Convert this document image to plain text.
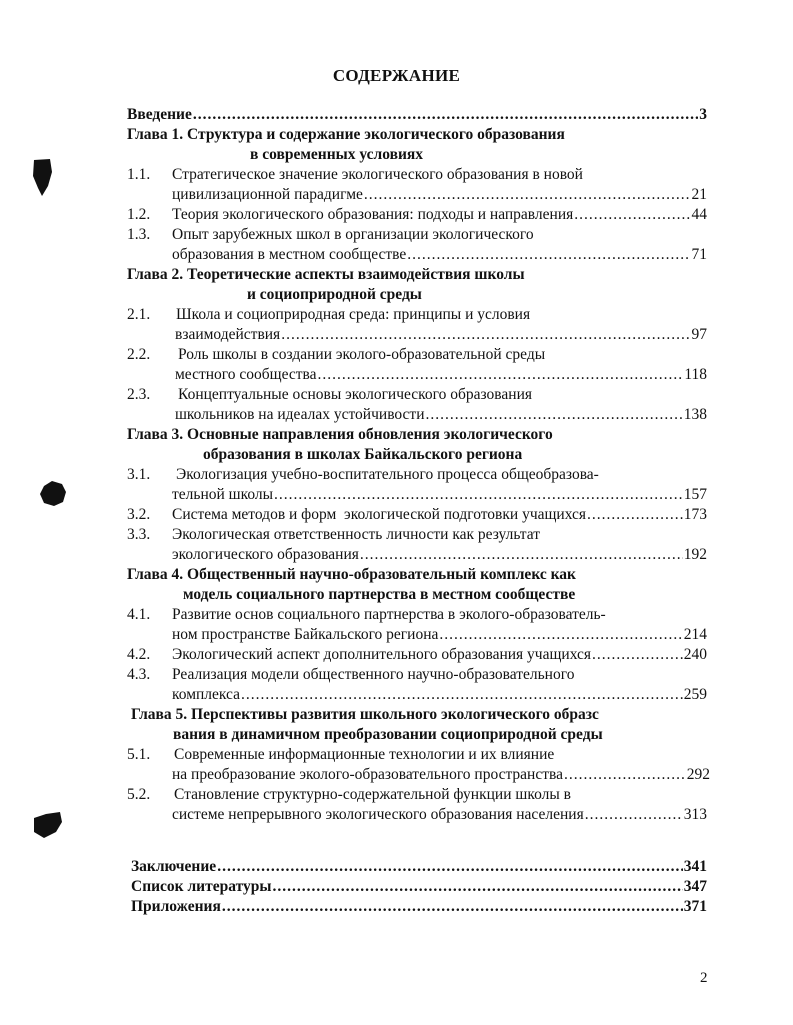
СОДЕРЖАНИЕ
Введение .....	3
Глава 1. Структура и содержание экологического образования
в современных условиях
1.1. Стратегическое значение экологического образования в новой
цивилизационной парадигме .....	21
1.2. Теория экологического образования: подходы и направления .....	44
1.3. Опыт зарубежных школ в организации экологического
образования в местном сообществе .....	71
Глава 2. Теоретические аспекты взаимодействия школы
и социоприродной среды
2.1. Школа и социоприродная среда: принципы и условия
взаимодействия .....	97
2.2. Роль школы в создании эколого-образовательной среды
местного сообщества .....	118
2.3. Концептуальные основы экологического образования
школьников на идеалах устойчивости .....	138
Глава 3. Основные направления обновления экологического
образования в школах Байкальского региона
3.1. Экологизация учебно-воспитательного процесса общеобразова-
тельной школы .....	157
3.2. Система методов и форм  экологической подготовки учащихся .....	173
3.3. Экологическая ответственность личности как результат
экологического образования .....	192
Глава 4. Общественный научно-образовательный комплекс как
модель социального партнерства в местном сообществе
4.1. Развитие основ социального партнерства в эколого-образователь-
ном пространстве Байкальского региона .....	214
4.2. Экологический аспект дополнительного образования учащихся .....	240
4.3. Реализация модели общественного научно-образовательного
комплекса .....	259
Глава 5. Перспективы развития школьного экологического образс
вания в динамичном преобразовании социоприродной среды
5.1. Современные информационные технологии и их влияние
на преобразование эколого-образовательного пространства .....	292
5.2. Становление структурно-содержательной функции школы в
системе непрерывного экологического образования населения .....	313
Заключение .....	341
Список литературы .....	347
Приложения .....	371
2
